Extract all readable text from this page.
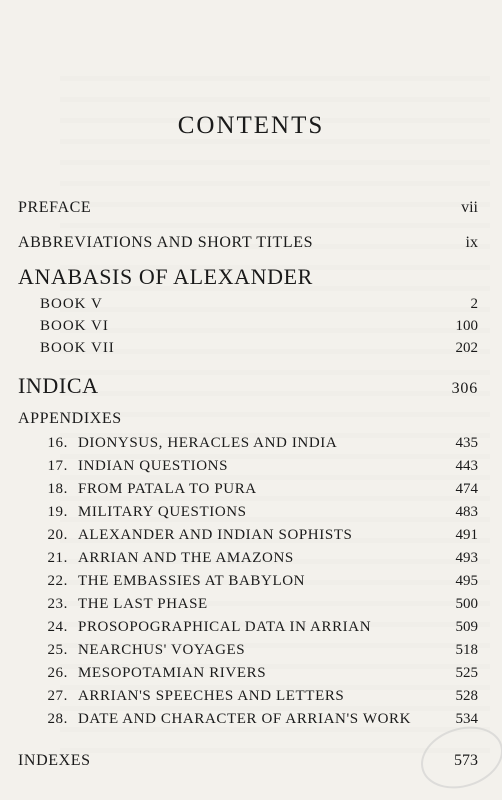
CONTENTS
PREFACE	vii
ABBREVIATIONS AND SHORT TITLES	ix
ANABASIS OF ALEXANDER
BOOK V	2
BOOK VI	100
BOOK VII	202
INDICA	306
APPENDIXES
16. DIONYSUS, HERACLES AND INDIA	435
17. INDIAN QUESTIONS	443
18. FROM PATALA TO PURA	474
19. MILITARY QUESTIONS	483
20. ALEXANDER AND INDIAN SOPHISTS	491
21. ARRIAN AND THE AMAZONS	493
22. THE EMBASSIES AT BABYLON	495
23. THE LAST PHASE	500
24. PROSOPOGRAPHICAL DATA IN ARRIAN	509
25. NEARCHUS' VOYAGES	518
26. MESOPOTAMIAN RIVERS	525
27. ARRIAN'S SPEECHES AND LETTERS	528
28. DATE AND CHARACTER OF ARRIAN'S WORK	534
INDEXES	573
